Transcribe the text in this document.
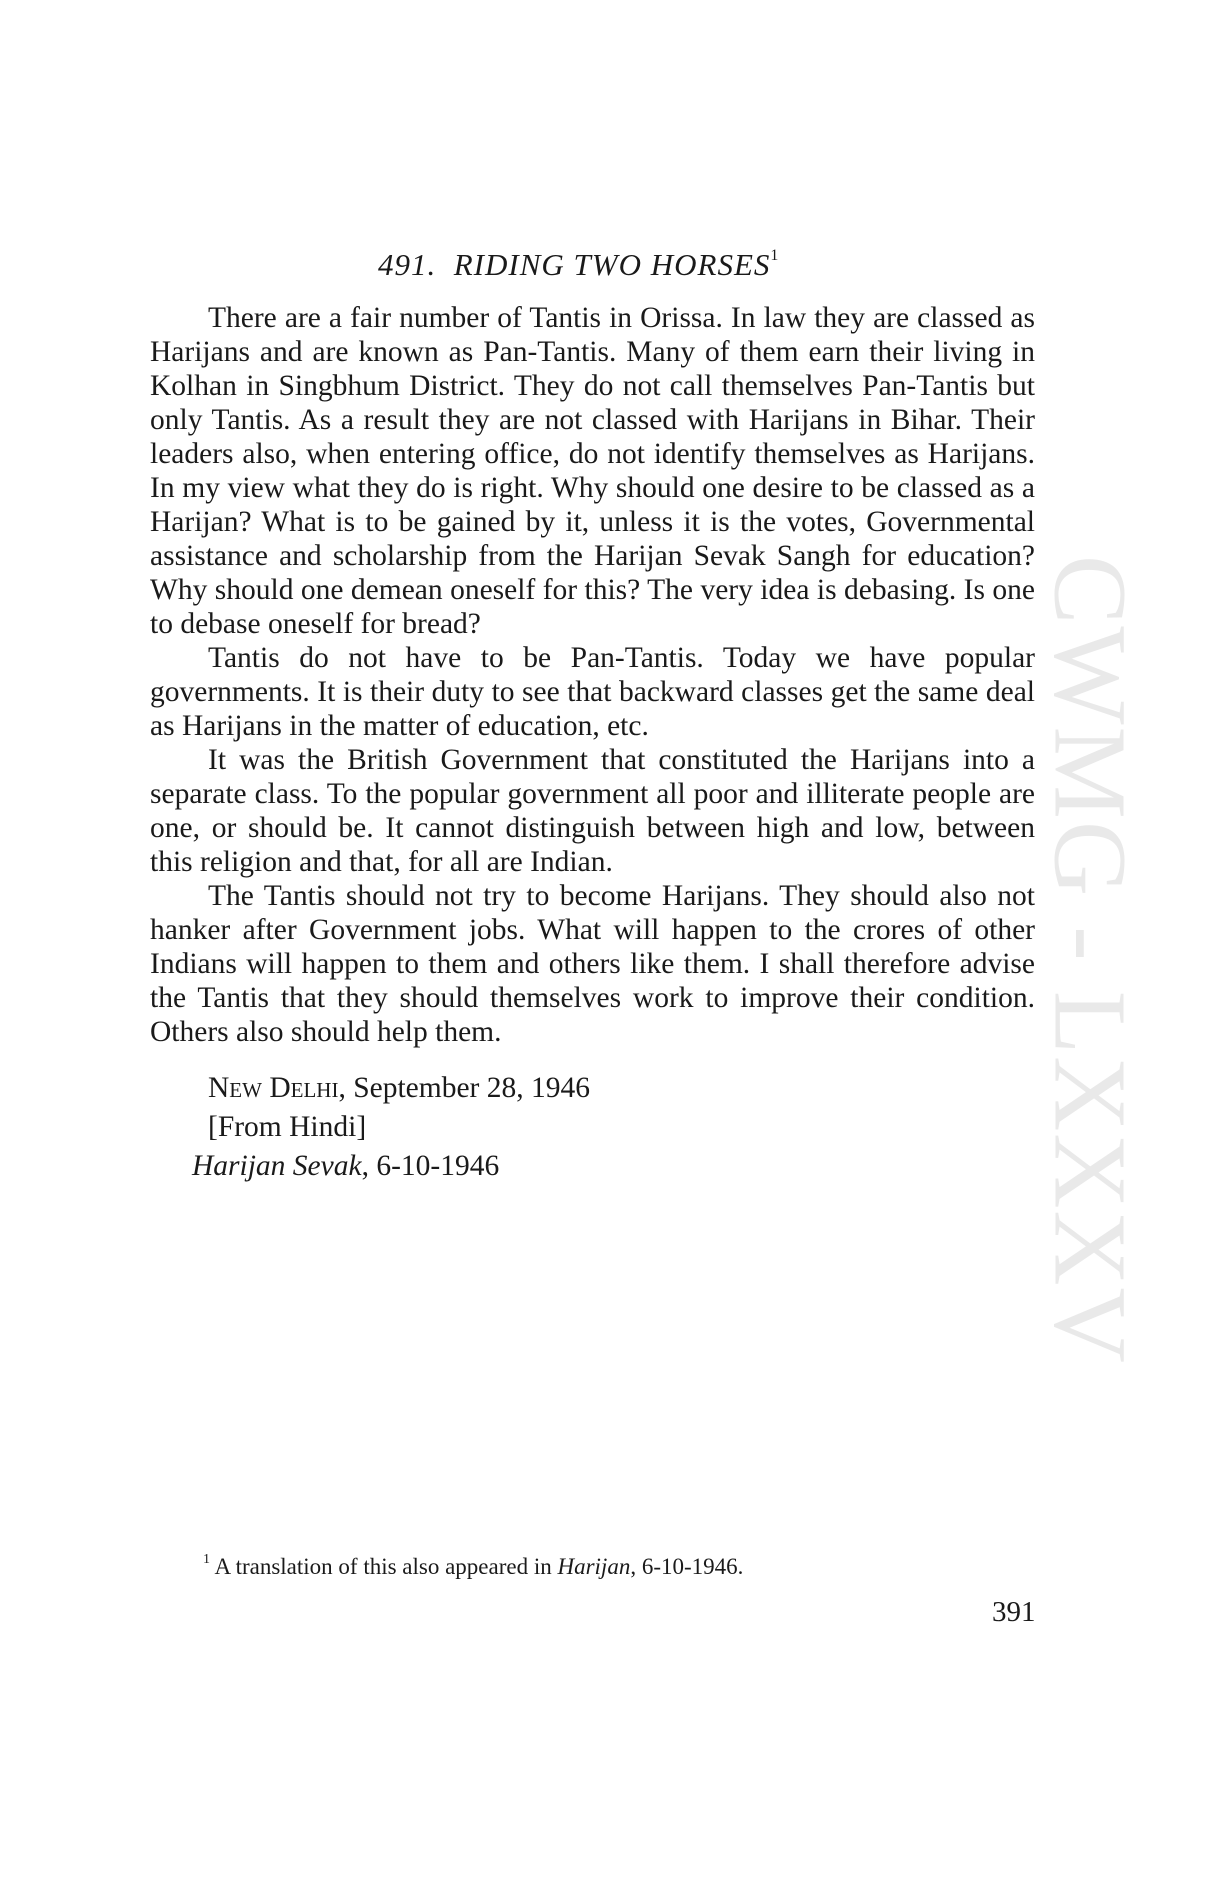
CWMG - LXXXV
491. RIDING TWO HORSES$^1$

There are a fair number of Tantis in Orissa. In law they are classed as Harijans and are known as Pan-Tantis. Many of them earn their living in Kolhan in Singbhum District. They do not call themselves Pan-Tantis but only Tantis. As a result they are not classed with Harijans in Bihar. Their leaders also, when entering office, do not identify themselves as Harijans. In my view what they do is right. Why should one desire to be classed as a Harijan? What is to be gained by it, unless it is the votes, Governmental assistance and scholarship from the Harijan Sevak Sangh for education? Why should one demean oneself for this? The very idea is debasing. Is one to debase oneself for bread?

Tantis do not have to be Pan-Tantis. Today we have popular governments. It is their duty to see that backward classes get the same deal as Harijans in the matter of education, etc.

It was the British Government that constituted the Harijans into a separate class. To the popular government all poor and illiterate people are one, or should be. It cannot distinguish between high and low, between this religion and that, for all are Indian.

The Tantis should not try to become Harijans. They should also not hanker after Government jobs. What will happen to the crores of other Indians will happen to them and others like them. I shall therefore advise the Tantis that they should themselves work to improve their condition. Others also should help them.

New Delhi, September 28, 1946
[From Hindi]
Harijan Sevak, 6-10-1946
$^1$ A translation of this also appeared in Harijan, 6-10-1946.
391
